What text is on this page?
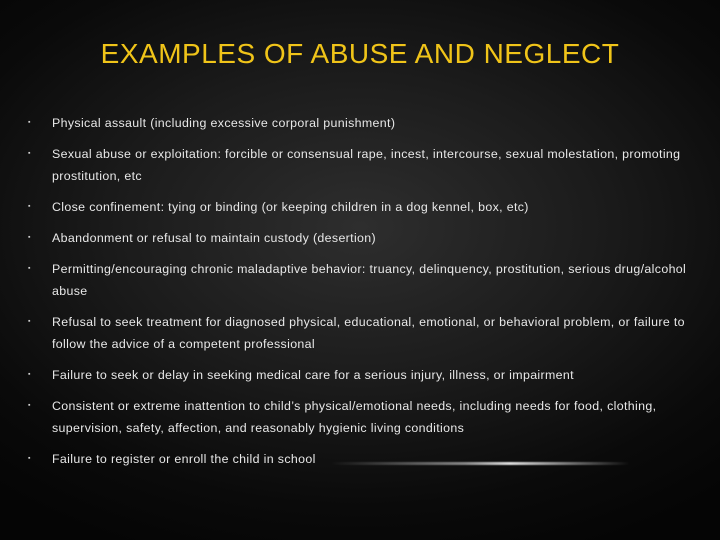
EXAMPLES OF ABUSE AND NEGLECT
▪	Physical assault (including excessive corporal punishment)
▪	Sexual abuse or exploitation: forcible or consensual rape, incest, intercourse, sexual molestation, promoting prostitution, etc
▪	Close confinement: tying or binding (or keeping children in a dog kennel, box, etc)
▪	Abandonment or refusal to maintain custody (desertion)
▪	Permitting/encouraging chronic maladaptive behavior: truancy, delinquency, prostitution, serious drug/alcohol abuse
▪	Refusal to seek treatment for diagnosed physical, educational, emotional, or behavioral problem, or failure to follow the advice of a competent professional
▪	Failure to seek or delay in seeking medical care for a serious injury, illness, or impairment
▪	Consistent or extreme inattention to child’s physical/emotional needs, including needs for food, clothing, supervision, safety, affection, and reasonably hygienic living conditions
▪	Failure to register or enroll the child in school
